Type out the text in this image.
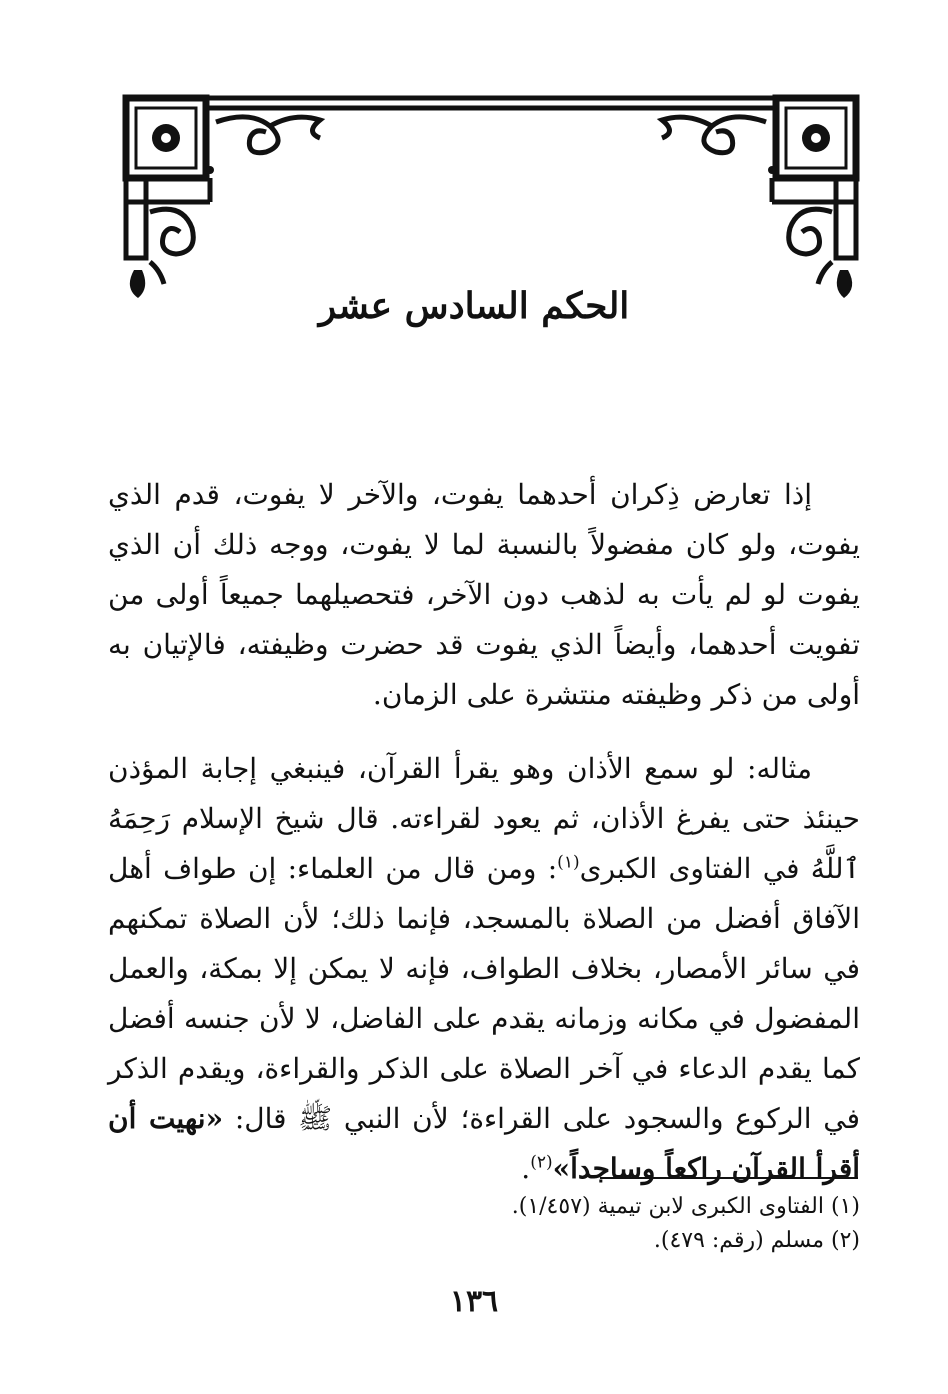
الحكم السادس عشر

إذا تعارض ذِكران أحدهما يفوت، والآخر لا يفوت، قدم الذي يفوت، ولو كان مفضولاً بالنسبة لما لا يفوت، ووجه ذلك أن الذي يفوت لو لم يأت به لذهب دون الآخر، فتحصيلهما جميعاً أولى من تفويت أحدهما، وأيضاً الذي يفوت قد حضرت وظيفته، فالإتيان به أولى من ذكر وظيفته منتشرة على الزمان.

مثاله: لو سمع الأذان وهو يقرأ القرآن، فينبغي إجابة المؤذن حينئذ حتى يفرغ الأذان، ثم يعود لقراءته. قال شيخ الإسلام رَحِمَهُ ٱللَّهُ في الفتاوى الكبرى$^{(١)}$: ومن قال من العلماء: إن طواف أهل الآفاق أفضل من الصلاة بالمسجد، فإنما ذلك؛ لأن الصلاة تمكنهم في سائر الأمصار، بخلاف الطواف، فإنه لا يمكن إلا بمكة، والعمل المفضول في مكانه وزمانه يقدم على الفاضل، لا لأن جنسه أفضل كما يقدم الدعاء في آخر الصلاة على الذكر والقراءة، ويقدم الذكر في الركوع والسجود على القراءة؛ لأن النبي ﷺ قال: «نهيت أن أقرأ القرآن راكعاً وساجداً»$^{(٢)}$.

(١) الفتاوى الكبرى لابن تيمية (١/٤٥٧).
(٢) مسلم (رقم: ٤٧٩).
١٣٦
